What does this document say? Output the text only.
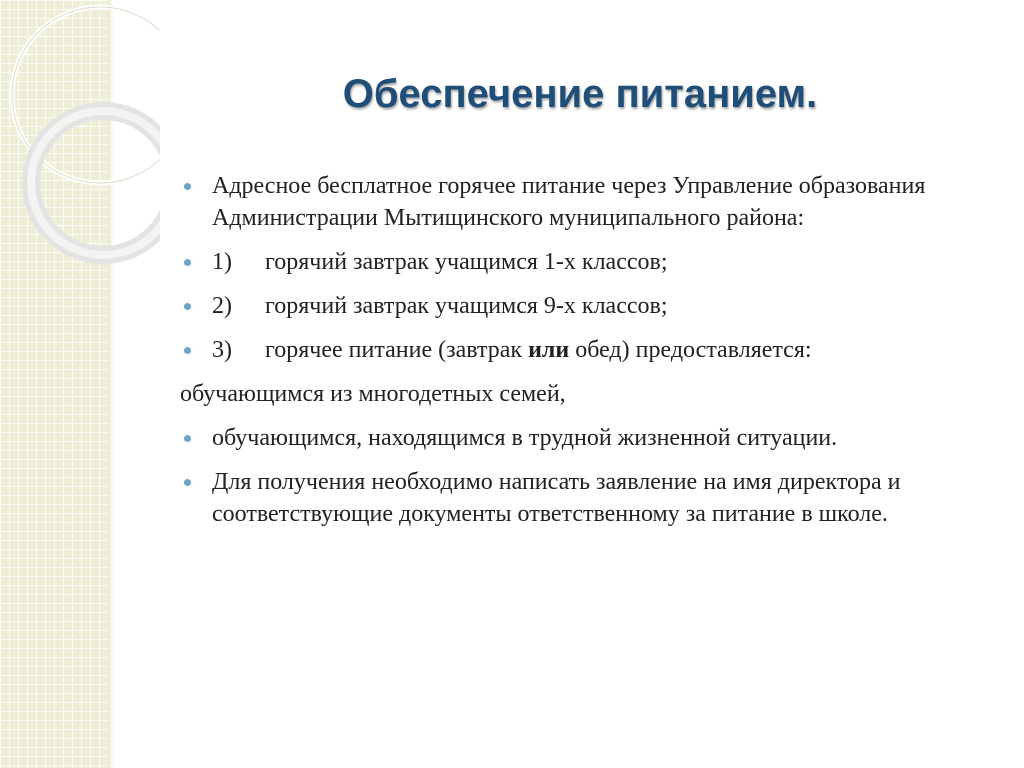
Обеспечение питанием.

Адресное бесплатное горячее питание через Управление образования Администрации Мытищинского муниципального района:

1) горячий завтрак учащимся 1-х классов;

2) горячий завтрак учащимся 9-х классов;

3) горячее питание (завтрак или обед) предоставляется:

обучающимся из многодетных семей,

обучающимся, находящимся в трудной жизненной ситуации.

Для получения необходимо написать заявление на имя директора и соответствующие документы ответственному за питание в школе.
